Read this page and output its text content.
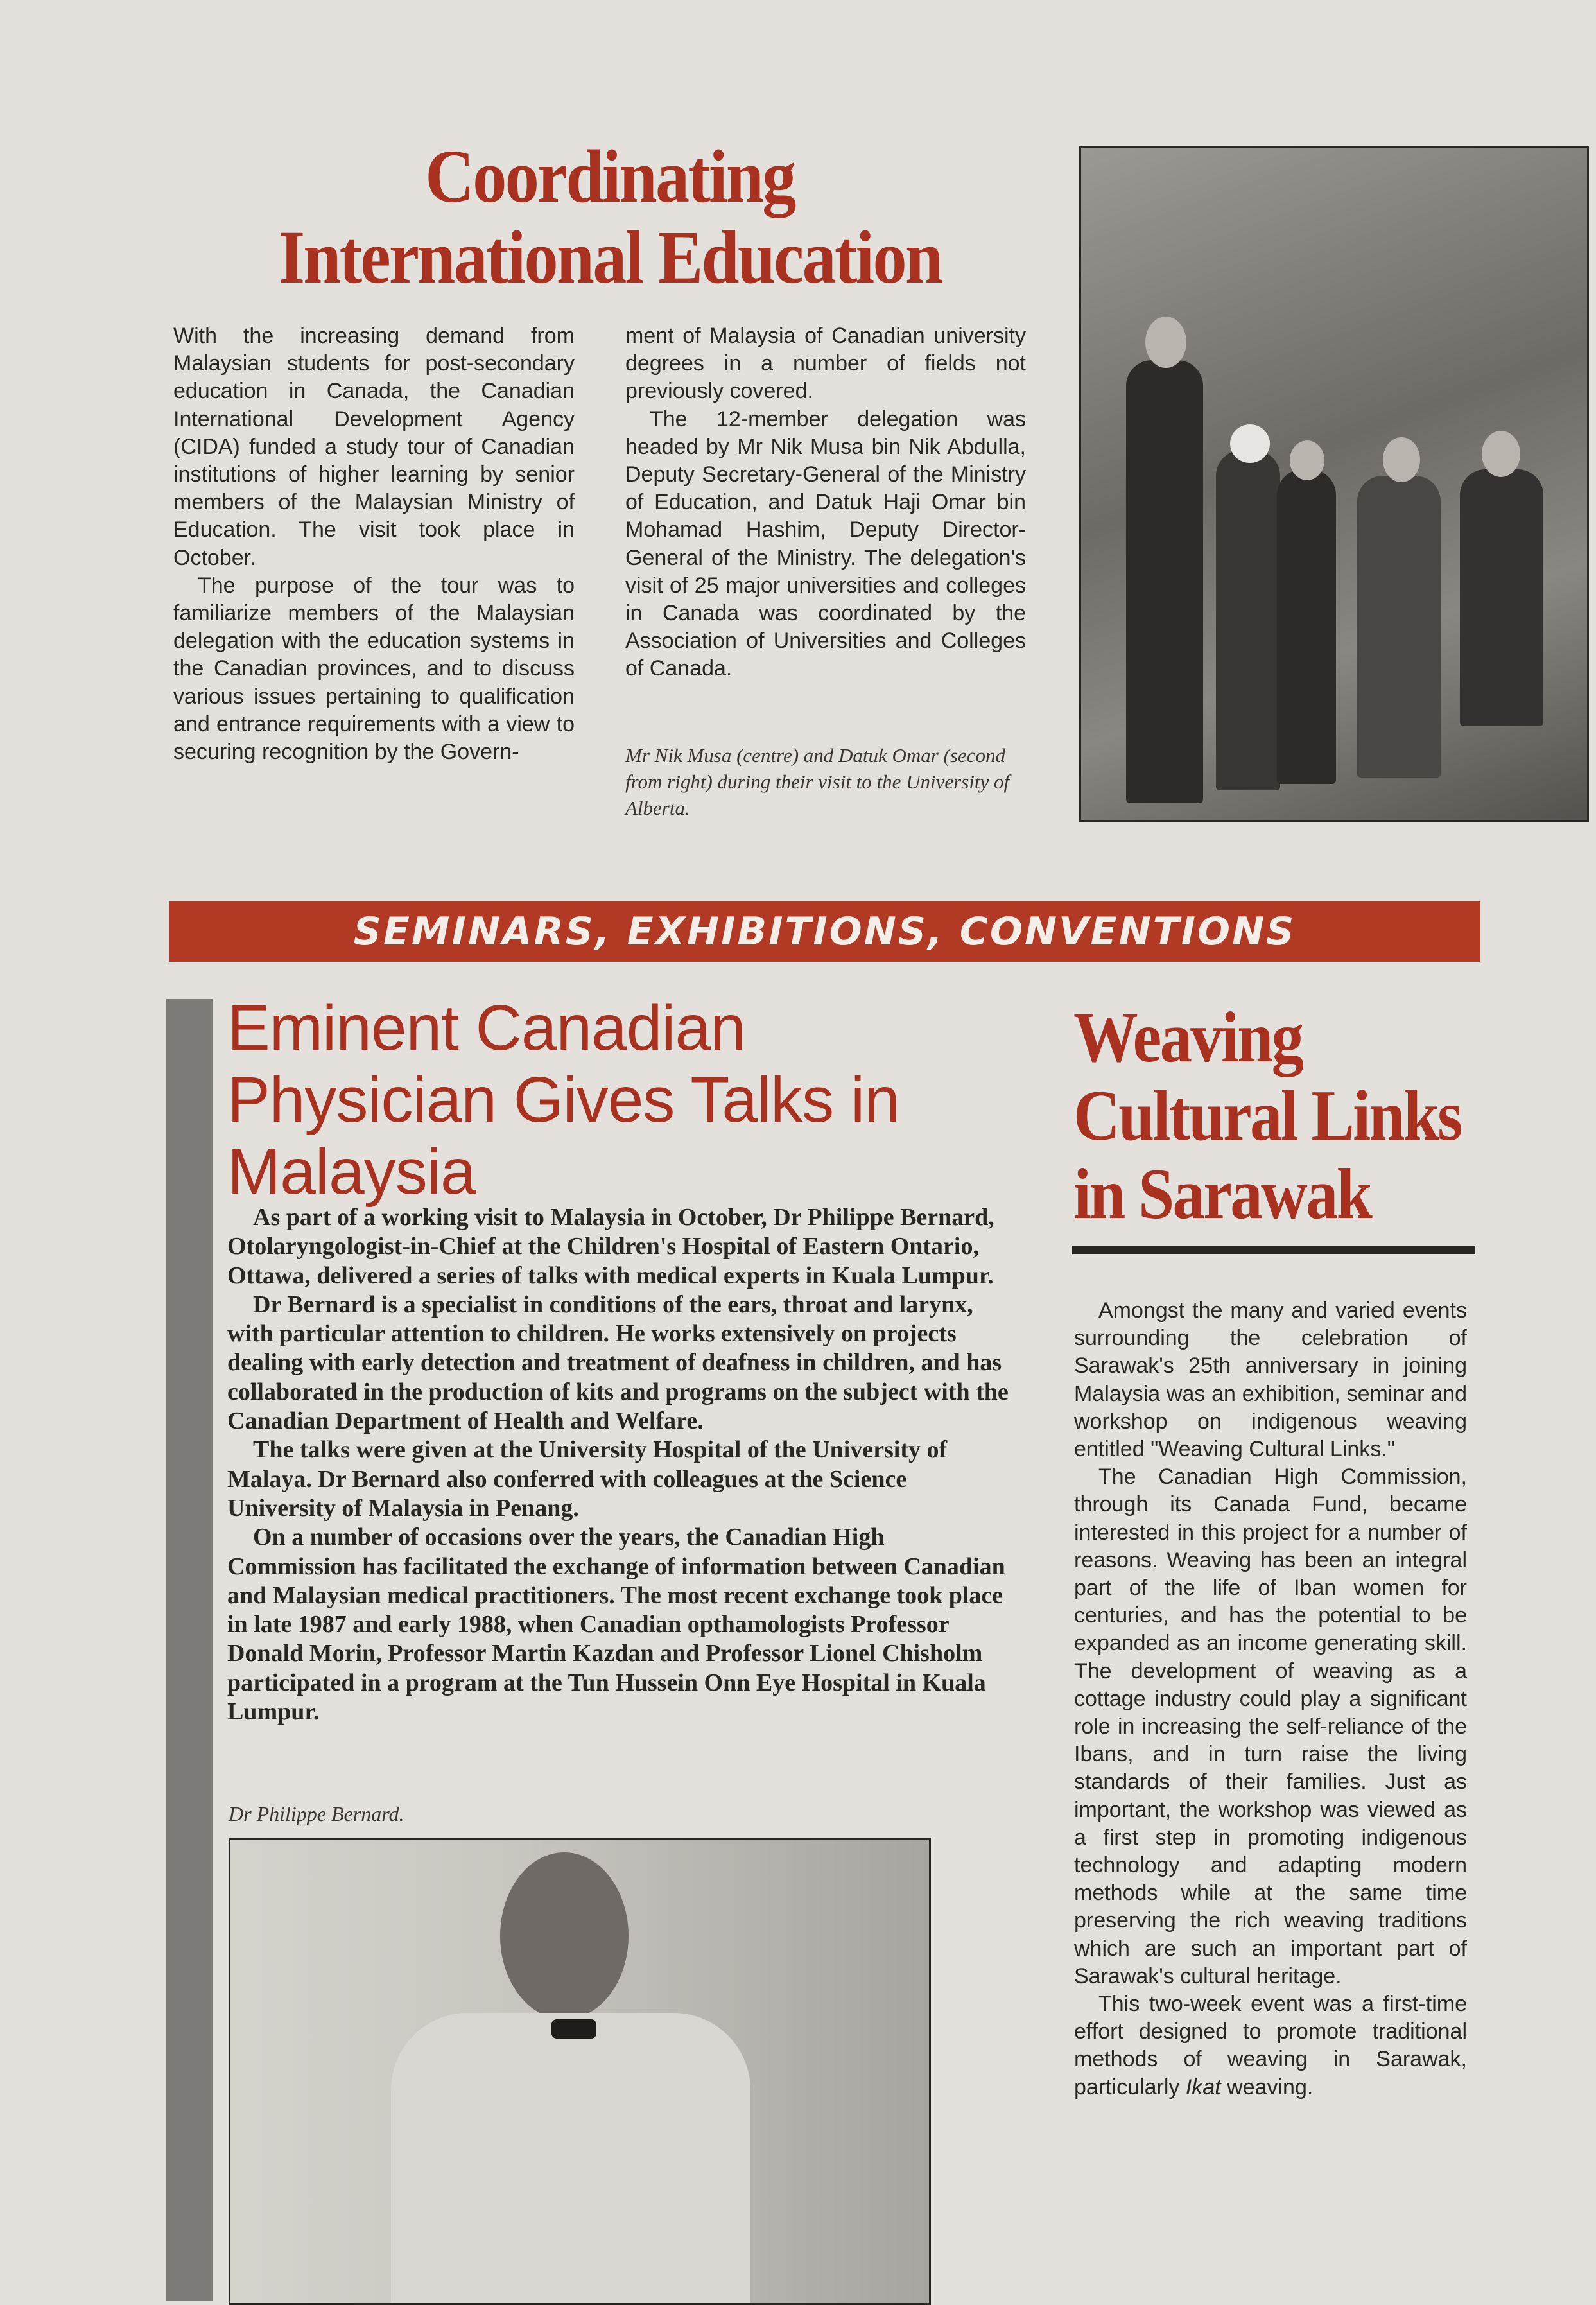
Coordinating
International Education

With the increasing demand from Malaysian students for post-secondary education in Canada, the Canadian International Development Agency (CIDA) funded a study tour of Canadian institutions of higher learning by senior members of the Malaysian Ministry of Education. The visit took place in October.

The purpose of the tour was to familiarize members of the Malaysian delegation with the education systems in the Canadian provinces, and to discuss various issues pertaining to qualification and entrance requirements with a view to securing recognition by the Govern-

ment of Malaysia of Canadian university degrees in a number of fields not previously covered.

The 12-member delegation was headed by Mr Nik Musa bin Nik Abdulla, Deputy Secretary-General of the Ministry of Education, and Datuk Haji Omar bin Mohamad Hashim, Deputy Director-General of the Ministry. The delegation's visit of 25 major universities and colleges in Canada was coordinated by the Association of Universities and Colleges of Canada.

Mr Nik Musa (centre) and Datuk Omar (second from right) during their visit to the University of Alberta.
SEMINARS, EXHIBITIONS, CONVENTIONS
Eminent Canadian
Physician Gives Talks in
Malaysia

As part of a working visit to Malaysia in October, Dr Philippe Bernard, Otolaryngologist-in-Chief at the Children's Hospital of Eastern Ontario, Ottawa, delivered a series of talks with medical experts in Kuala Lumpur.

Dr Bernard is a specialist in conditions of the ears, throat and larynx, with particular attention to children. He works extensively on projects dealing with early detection and treatment of deafness in children, and has collaborated in the production of kits and programs on the subject with the Canadian Department of Health and Welfare.

The talks were given at the University Hospital of the University of Malaya. Dr Bernard also conferred with colleagues at the Science University of Malaysia in Penang.

On a number of occasions over the years, the Canadian High Commission has facilitated the exchange of information between Canadian and Malaysian medical practitioners. The most recent exchange took place in late 1987 and early 1988, when Canadian opthamologists Professor Donald Morin, Professor Martin Kazdan and Professor Lionel Chisholm participated in a program at the Tun Hussein Onn Eye Hospital in Kuala Lumpur.

Dr Philippe Bernard.
Weaving
Cultural Links
in Sarawak

Amongst the many and varied events surrounding the celebration of Sarawak's 25th anniversary in joining Malaysia was an exhibition, seminar and workshop on indigenous weaving entitled "Weaving Cultural Links."

The Canadian High Commission, through its Canada Fund, became interested in this project for a number of reasons. Weaving has been an integral part of the life of Iban women for centuries, and has the potential to be expanded as an income generating skill. The development of weaving as a cottage industry could play a significant role in increasing the self-reliance of the Ibans, and in turn raise the living standards of their families. Just as important, the workshop was viewed as a first step in promoting indigenous technology and adapting modern methods while at the same time preserving the rich weaving traditions which are such an important part of Sarawak's cultural heritage.

This two-week event was a first-time effort designed to promote traditional methods of weaving in Sarawak, particularly Ikat weaving.
